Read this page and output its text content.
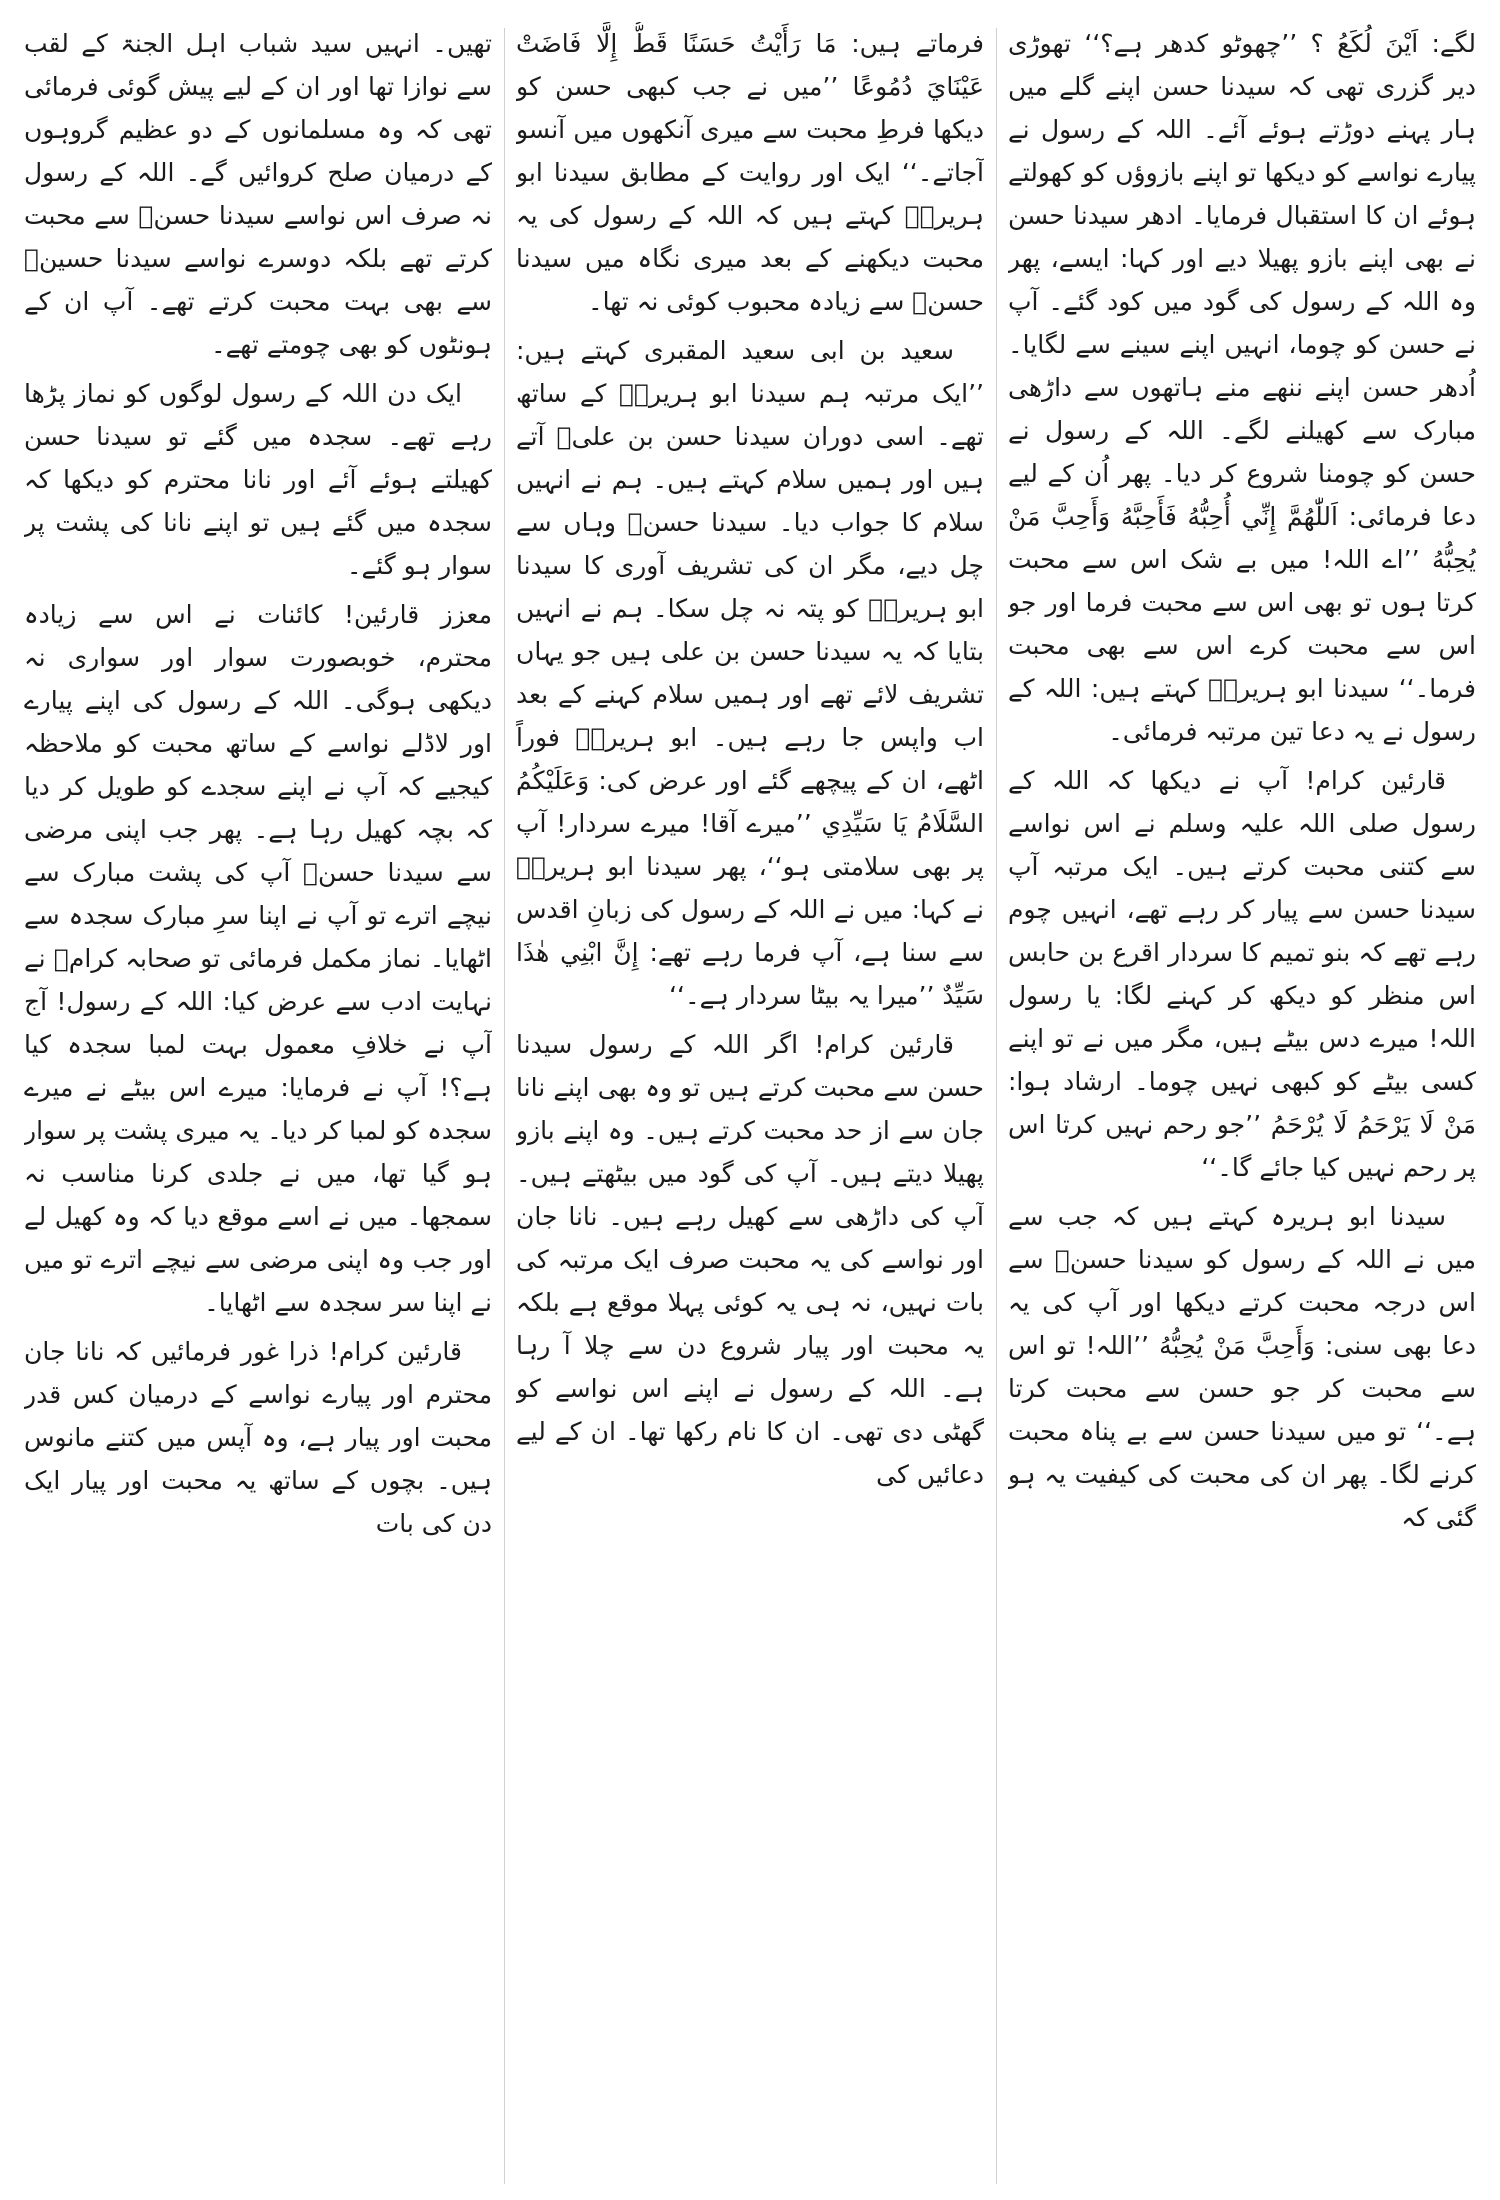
لگے: اَیْنَ لُکَعُ ؟ ’’چھوٹو کدھر ہے؟‘‘ تھوڑی دیر گزری تھی کہ سیدنا حسن اپنے گلے میں ہار پہنے دوڑتے ہوئے آئے۔ اللہ کے رسول نے پیارے نواسے کو دیکھا تو اپنے بازوؤں کو کھولتے ہوئے ان کا استقبال فرمایا۔ ادھر سیدنا حسن نے بھی اپنے بازو پھیلا دیے اور کہا: ایسے، پھر وہ اللہ کے رسول کی گود میں کود گئے۔ آپ نے حسن کو چوما، انہیں اپنے سینے سے لگایا۔ اُدھر حسن اپنے ننھے منے ہاتھوں سے داڑھی مبارک سے کھیلنے لگے۔ اللہ کے رسول نے حسن کو چومنا شروع کر دیا۔ پھر اُن کے لیے دعا فرمائی: اَللّٰھُمَّ إِنِّي أُحِبُّهُ فَأَحِبَّهُ وَأَحِبَّ مَنْ يُحِبُّهُ ’’اے اللہ! میں بے شک اس سے محبت کرتا ہوں تو بھی اس سے محبت فرما اور جو اس سے محبت کرے اس سے بھی محبت فرما۔‘‘ سیدنا ابو ہریرہؓ کہتے ہیں: اللہ کے رسول نے یہ دعا تین مرتبہ فرمائی۔

قارئین کرام! آپ نے دیکھا کہ اللہ کے رسول صلی اللہ علیہ وسلم نے اس نواسے سے کتنی محبت کرتے ہیں۔ ایک مرتبہ آپ سیدنا حسن سے پیار کر رہے تھے، انہیں چوم رہے تھے کہ بنو تمیم کا سردار اقرع بن حابس اس منظر کو دیکھ کر کہنے لگا: یا رسول اللہ! میرے دس بیٹے ہیں، مگر میں نے تو اپنے کسی بیٹے کو کبھی نہیں چوما۔ ارشاد ہوا: مَنْ لَا يَرْحَمُ لَا يُرْحَمُ ’’جو رحم نہیں کرتا اس پر رحم نہیں کیا جائے گا۔‘‘

سیدنا ابو ہریرہ کہتے ہیں کہ جب سے میں نے اللہ کے رسول کو سیدنا حسنؓ سے اس درجہ محبت کرتے دیکھا اور آپ کی یہ دعا بھی سنی: وَأَحِبَّ مَنْ يُحِبُّهُ ’’اللہ! تو اس سے محبت کر جو حسن سے محبت کرتا ہے۔‘‘ تو میں سیدنا حسن سے بے پناہ محبت کرنے لگا۔ پھر ان کی محبت کی کیفیت یہ ہو گئی کہ

فرماتے ہیں: مَا رَأَيْتُ حَسَنًا قَطُّ إِلَّا فَاضَتْ عَيْنَايَ دُمُوعًا ’’میں نے جب کبھی حسن کو دیکھا فرطِ محبت سے میری آنکھوں میں آنسو آجاتے۔‘‘ ایک اور روایت کے مطابق سیدنا ابو ہریرہؓ کہتے ہیں کہ اللہ کے رسول کی یہ محبت دیکھنے کے بعد میری نگاہ میں سیدنا حسنؓ سے زیادہ محبوب کوئی نہ تھا۔

سعید بن ابی سعید المقبری کہتے ہیں: ’’ایک مرتبہ ہم سیدنا ابو ہریرہؓ کے ساتھ تھے۔ اسی دوران سیدنا حسن بن علیؓ آتے ہیں اور ہمیں سلام کہتے ہیں۔ ہم نے انہیں سلام کا جواب دیا۔ سیدنا حسنؓ وہاں سے چل دیے، مگر ان کی تشریف آوری کا سیدنا ابو ہریرہؓ کو پتہ نہ چل سکا۔ ہم نے انہیں بتایا کہ یہ سیدنا حسن بن علی ہیں جو یہاں تشریف لائے تھے اور ہمیں سلام کہنے کے بعد اب واپس جا رہے ہیں۔ ابو ہریرہؓ فوراً اٹھے، ان کے پیچھے گئے اور عرض کی: وَعَلَيْكُمُ السَّلَامُ يَا سَيِّدِي ’’میرے آقا! میرے سردار! آپ پر بھی سلامتی ہو‘‘، پھر سیدنا ابو ہریرہؓ نے کہا: میں نے اللہ کے رسول کی زبانِ اقدس سے سنا ہے، آپ فرما رہے تھے: إِنَّ ابْنِي هٰذَا سَيِّدٌ ’’میرا یہ بیٹا سردار ہے۔‘‘

قارئین کرام! اگر اللہ کے رسول سیدنا حسن سے محبت کرتے ہیں تو وہ بھی اپنے نانا جان سے از حد محبت کرتے ہیں۔ وہ اپنے بازو پھیلا دیتے ہیں۔ آپ کی گود میں بیٹھتے ہیں۔ آپ کی داڑھی سے کھیل رہے ہیں۔ نانا جان اور نواسے کی یہ محبت صرف ایک مرتبہ کی بات نہیں، نہ ہی یہ کوئی پہلا موقع ہے بلکہ یہ محبت اور پیار شروع دن سے چلا آ رہا ہے۔ اللہ کے رسول نے اپنے اس نواسے کو گھٹی دی تھی۔ ان کا نام رکھا تھا۔ ان کے لیے دعائیں کی

تھیں۔ انہیں سید شباب اہل الجنۃ کے لقب سے نوازا تھا اور ان کے لیے پیش گوئی فرمائی تھی کہ وہ مسلمانوں کے دو عظیم گروہوں کے درمیان صلح کروائیں گے۔ اللہ کے رسول نہ صرف اس نواسے سیدنا حسنؓ سے محبت کرتے تھے بلکہ دوسرے نواسے سیدنا حسینؓ سے بھی بہت محبت کرتے تھے۔ آپ ان کے ہونٹوں کو بھی چومتے تھے۔

ایک دن اللہ کے رسول لوگوں کو نماز پڑھا رہے تھے۔ سجدہ میں گئے تو سیدنا حسن کھیلتے ہوئے آئے اور نانا محترم کو دیکھا کہ سجدہ میں گئے ہیں تو اپنے نانا کی پشت پر سوار ہو گئے۔

معزز قارئین! کائنات نے اس سے زیادہ محترم، خوبصورت سوار اور سواری نہ دیکھی ہوگی۔ اللہ کے رسول کی اپنے پیارے اور لاڈلے نواسے کے ساتھ محبت کو ملاحظہ کیجیے کہ آپ نے اپنے سجدے کو طویل کر دیا کہ بچہ کھیل رہا ہے۔ پھر جب اپنی مرضی سے سیدنا حسنؓ آپ کی پشت مبارک سے نیچے اترے تو آپ نے اپنا سرِ مبارک سجدہ سے اٹھایا۔ نماز مکمل فرمائی تو صحابہ کرامؓ نے نہایت ادب سے عرض کیا: اللہ کے رسول! آج آپ نے خلافِ معمول بہت لمبا سجدہ کیا ہے؟! آپ نے فرمایا: میرے اس بیٹے نے میرے سجدہ کو لمبا کر دیا۔ یہ میری پشت پر سوار ہو گیا تھا، میں نے جلدی کرنا مناسب نہ سمجھا۔ میں نے اسے موقع دیا کہ وہ کھیل لے اور جب وہ اپنی مرضی سے نیچے اترے تو میں نے اپنا سر سجدہ سے اٹھایا۔

قارئین کرام! ذرا غور فرمائیں کہ نانا جان محترم اور پیارے نواسے کے درمیان کس قدر محبت اور پیار ہے، وہ آپس میں کتنے مانوس ہیں۔ بچوں کے ساتھ یہ محبت اور پیار ایک دن کی بات
